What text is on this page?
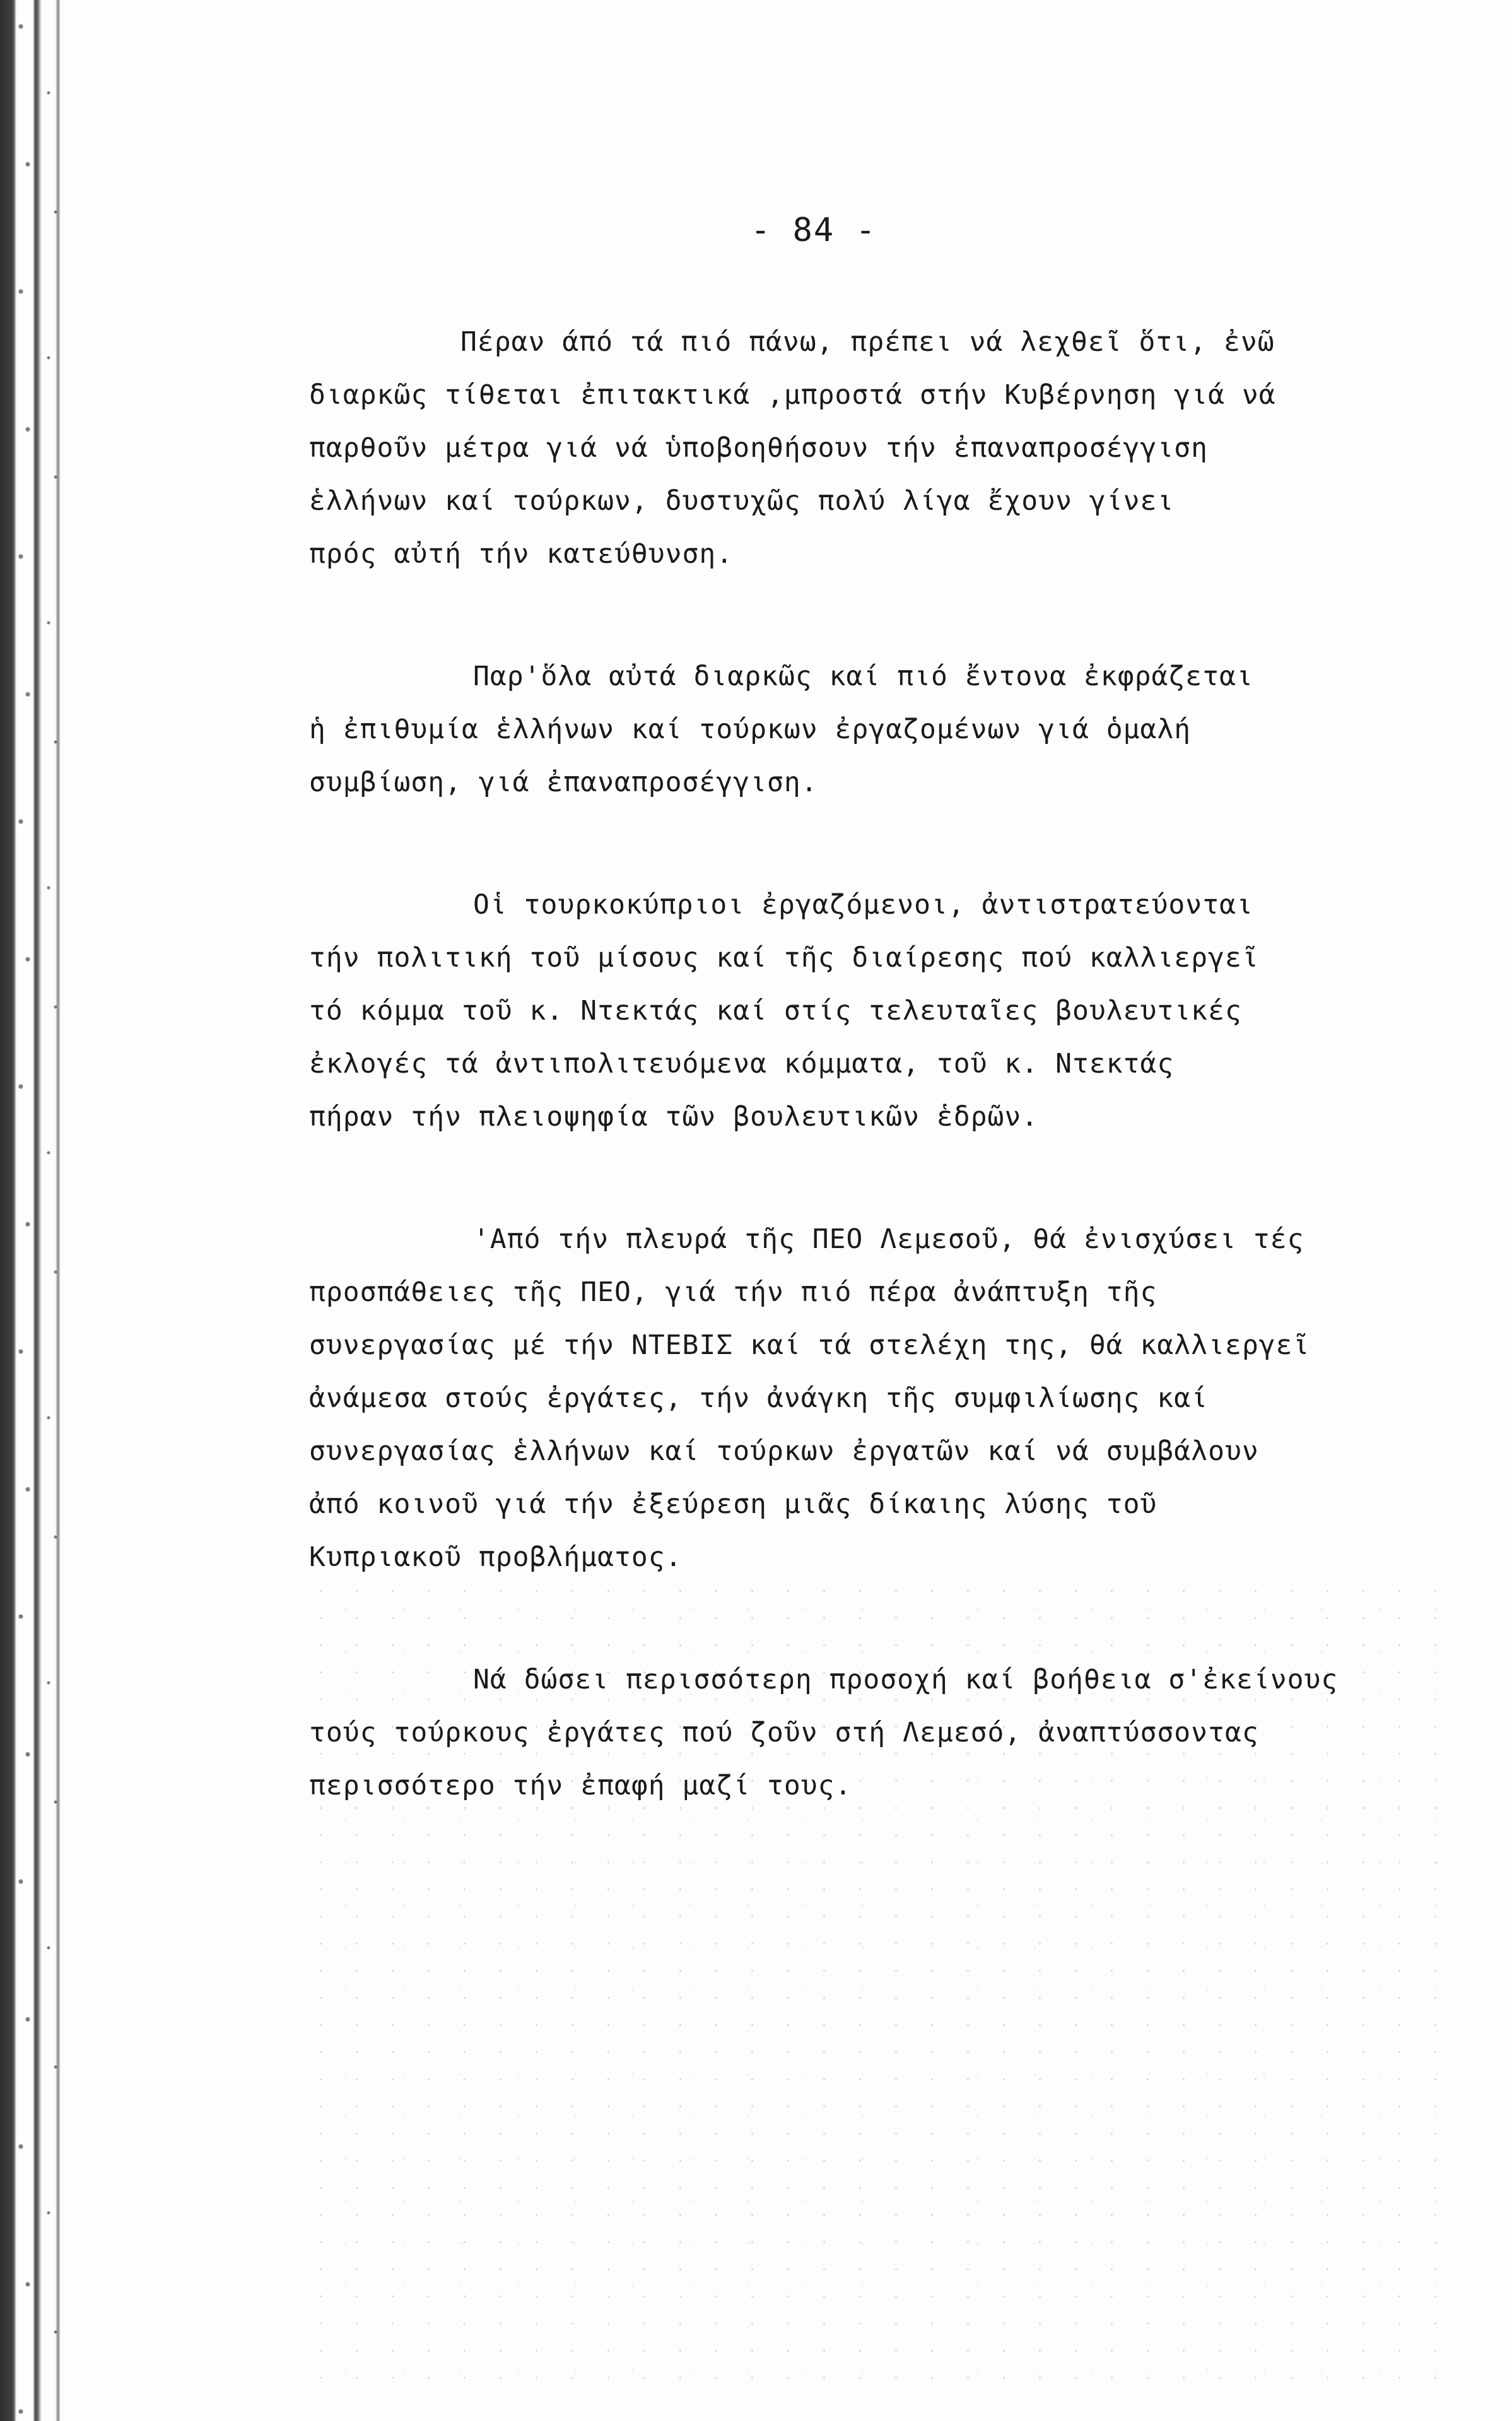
- 84 -
Πέραν άπό τά πιό πάνω, πρέπει νά λεχθεῖ ὅτι, ἐνῶ
διαρκῶς τίθεται ἐπιτακτικά ,μπροστά στήν Κυβέρνηση γιά νά
παρθοῦν μέτρα γιά νά ὑποβοηθήσουν τήν ἐπαναπροσέγγιση
ἑλλήνων καί τούρκων, δυστυχῶς πολύ λίγα ἔχουν γίνει
πρός αὐτή τήν κατεύθυνση.
Παρ'ὅλα αὐτά διαρκῶς καί πιό ἔντονα ἐκφράζεται
ἡ ἐπιθυμία ἑλλήνων καί τούρκων ἐργαζομένων γιά ὁμαλή
συμβίωση, γιά ἐπαναπροσέγγιση.
Οἱ τουρκοκύπριοι ἐργαζόμενοι, ἀντιστρατεύονται
τήν πολιτική τοῦ μίσους καί τῆς διαίρεσης πού καλλιεργεῖ
τό κόμμα τοῦ κ. Ντεκτάς καί στίς τελευταῖες βουλευτικές
ἐκλογές τά ἀντιπολιτευόμενα κόμματα, τοῦ κ. Ντεκτάς
πήραν τήν πλειοψηφία τῶν βουλευτικῶν ἑδρῶν.
'Από τήν πλευρά τῆς ΠΕΟ Λεμεσοῦ, θά ἐνισχύσει τές
προσπάθειες τῆς ΠΕΟ, γιά τήν πιό πέρα ἀνάπτυξη τῆς
συνεργασίας μέ τήν ΝΤΕΒΙΣ καί τά στελέχη της, θά καλλιεργεῖ
ἀνάμεσα στούς ἐργάτες, τήν ἀνάγκη τῆς συμφιλίωσης καί
συνεργασίας ἑλλήνων καί τούρκων ἐργατῶν καί νά συμβάλουν
ἀπό κοινοῦ γιά τήν ἐξεύρεση μιᾶς δίκαιης λύσης τοῦ
Κυπριακοῦ προβλήματος.
Νά δώσει περισσότερη προσοχή καί βοήθεια σ'ἐκείνους
τούς τούρκους ἐργάτες πού ζοῦν στή Λεμεσό, ἀναπτύσσοντας
περισσότερο τήν ἐπαφή μαζί τους.
